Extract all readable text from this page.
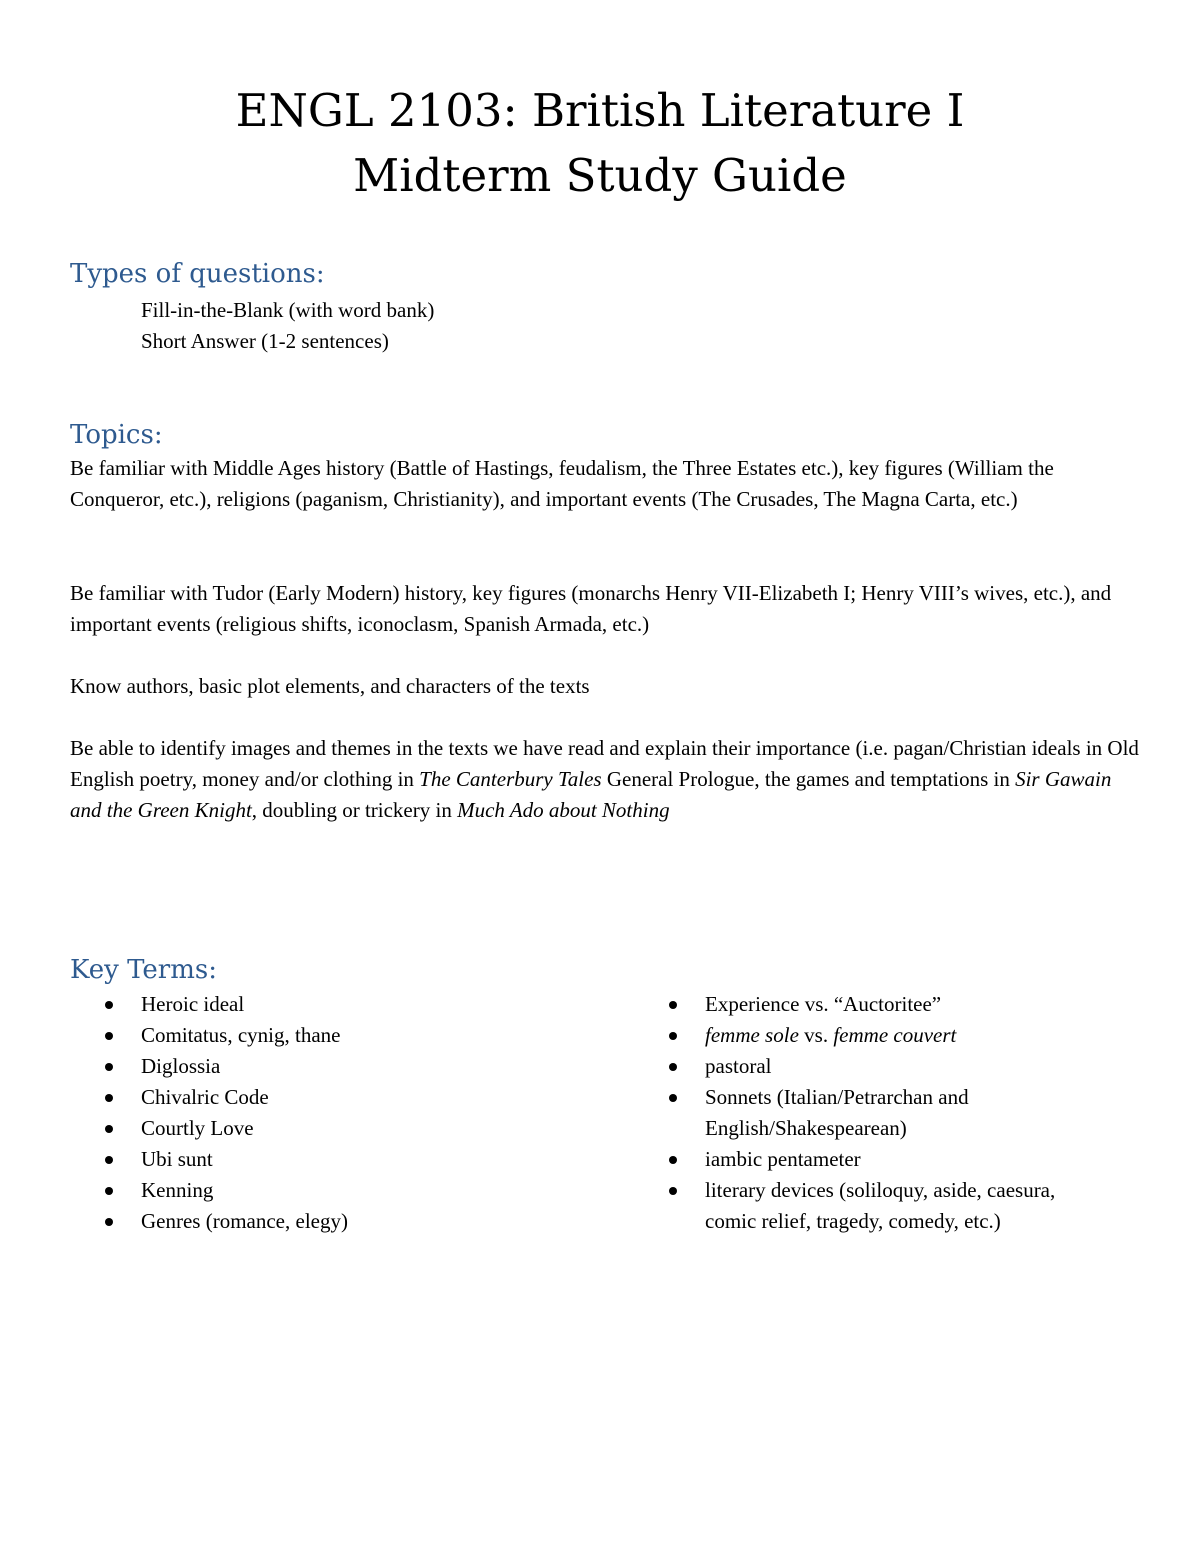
ENGL 2103: British Literature I
Midterm Study Guide
Types of questions:
Fill-in-the-Blank (with word bank)
Short Answer (1-2 sentences)
Topics:
Be familiar with Middle Ages history (Battle of Hastings, feudalism, the Three Estates etc.), key figures (William the Conqueror, etc.), religions (paganism, Christianity), and important events (The Crusades, The Magna Carta, etc.)
Be familiar with Tudor (Early Modern) history, key figures (monarchs Henry VII-Elizabeth I; Henry VIII’s wives, etc.), and important events (religious shifts, iconoclasm, Spanish Armada, etc.)
Know authors, basic plot elements, and characters of the texts
Be able to identify images and themes in the texts we have read and explain their importance (i.e. pagan/Christian ideals in Old English poetry, money and/or clothing in The Canterbury Tales General Prologue, the games and temptations in Sir Gawain and the Green Knight, doubling or trickery in Much Ado about Nothing
Key Terms:
Heroic ideal
Comitatus, cynig, thane
Diglossia
Chivalric Code
Courtly Love
Ubi sunt
Kenning
Genres (romance, elegy)
Experience vs. “Auctoritee”
femme sole vs. femme couvert
pastoral
Sonnets (Italian/Petrarchan and English/Shakespearean)
iambic pentameter
literary devices (soliloquy, aside, caesura, comic relief, tragedy, comedy, etc.)
